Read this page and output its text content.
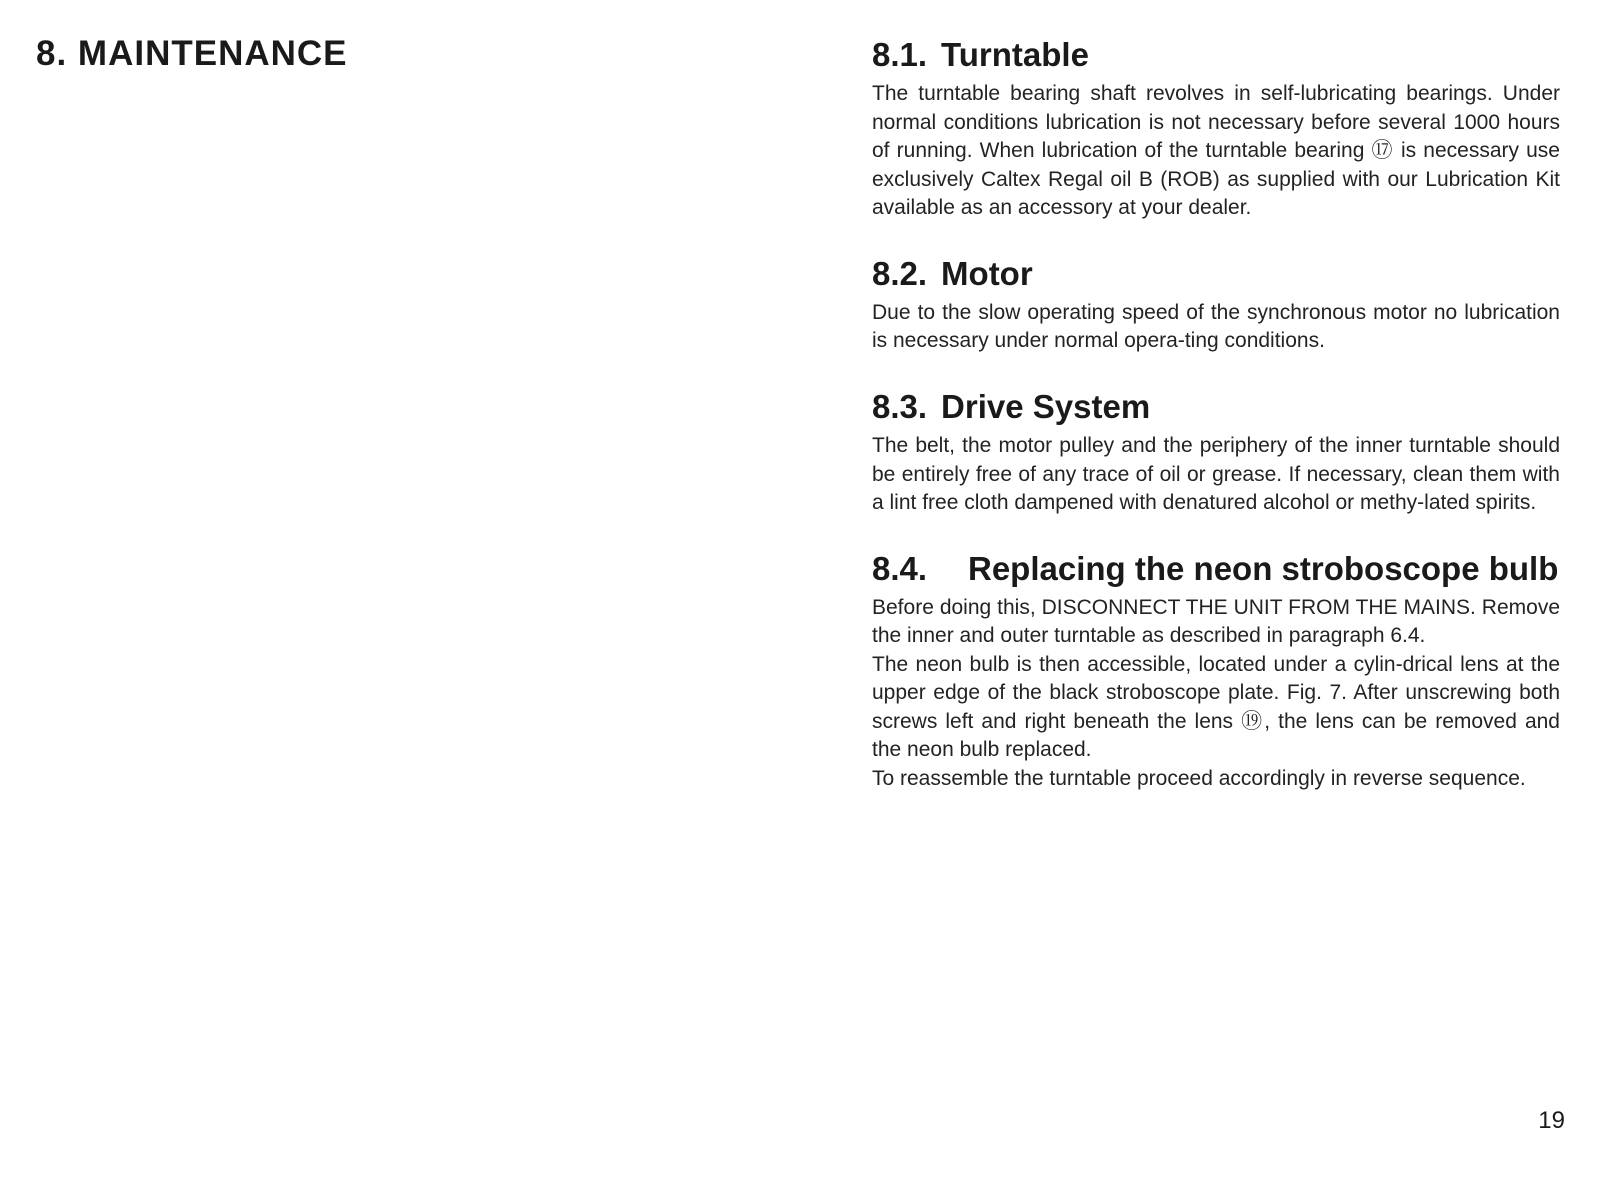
8. MAINTENANCE	8.1. Turntable

The turntable bearing shaft revolves in self-lubricating bearings. Under normal conditions lubrication is not necessary before several 1000 hours of running. When lubrication of the turntable bearing ⑰ is necessary use exclusively Caltex Regal oil B (ROB) as supplied with our Lubrication Kit available as an accessory at your dealer.

8.2. Motor

Due to the slow operating speed of the synchronous motor no lubrication is necessary under normal opera-ting conditions.

8.3. Drive System

The belt, the motor pulley and the periphery of the inner turntable should be entirely free of any trace of oil or grease. If necessary, clean them with a lint free cloth dampened with denatured alcohol or methy-lated spirits.

8.4.	Replacing the neon stroboscope bulb

Before doing this, DISCONNECT THE UNIT FROM THE MAINS. Remove the inner and outer turntable as described in paragraph 6.4.

The neon bulb is then accessible, located under a cylin-drical lens at the upper edge of the black stroboscope plate. Fig. 7. After unscrewing both screws left and right beneath the lens ⑲, the lens can be removed and the neon bulb replaced.

To reassemble the turntable proceed accordingly in reverse sequence.

19
